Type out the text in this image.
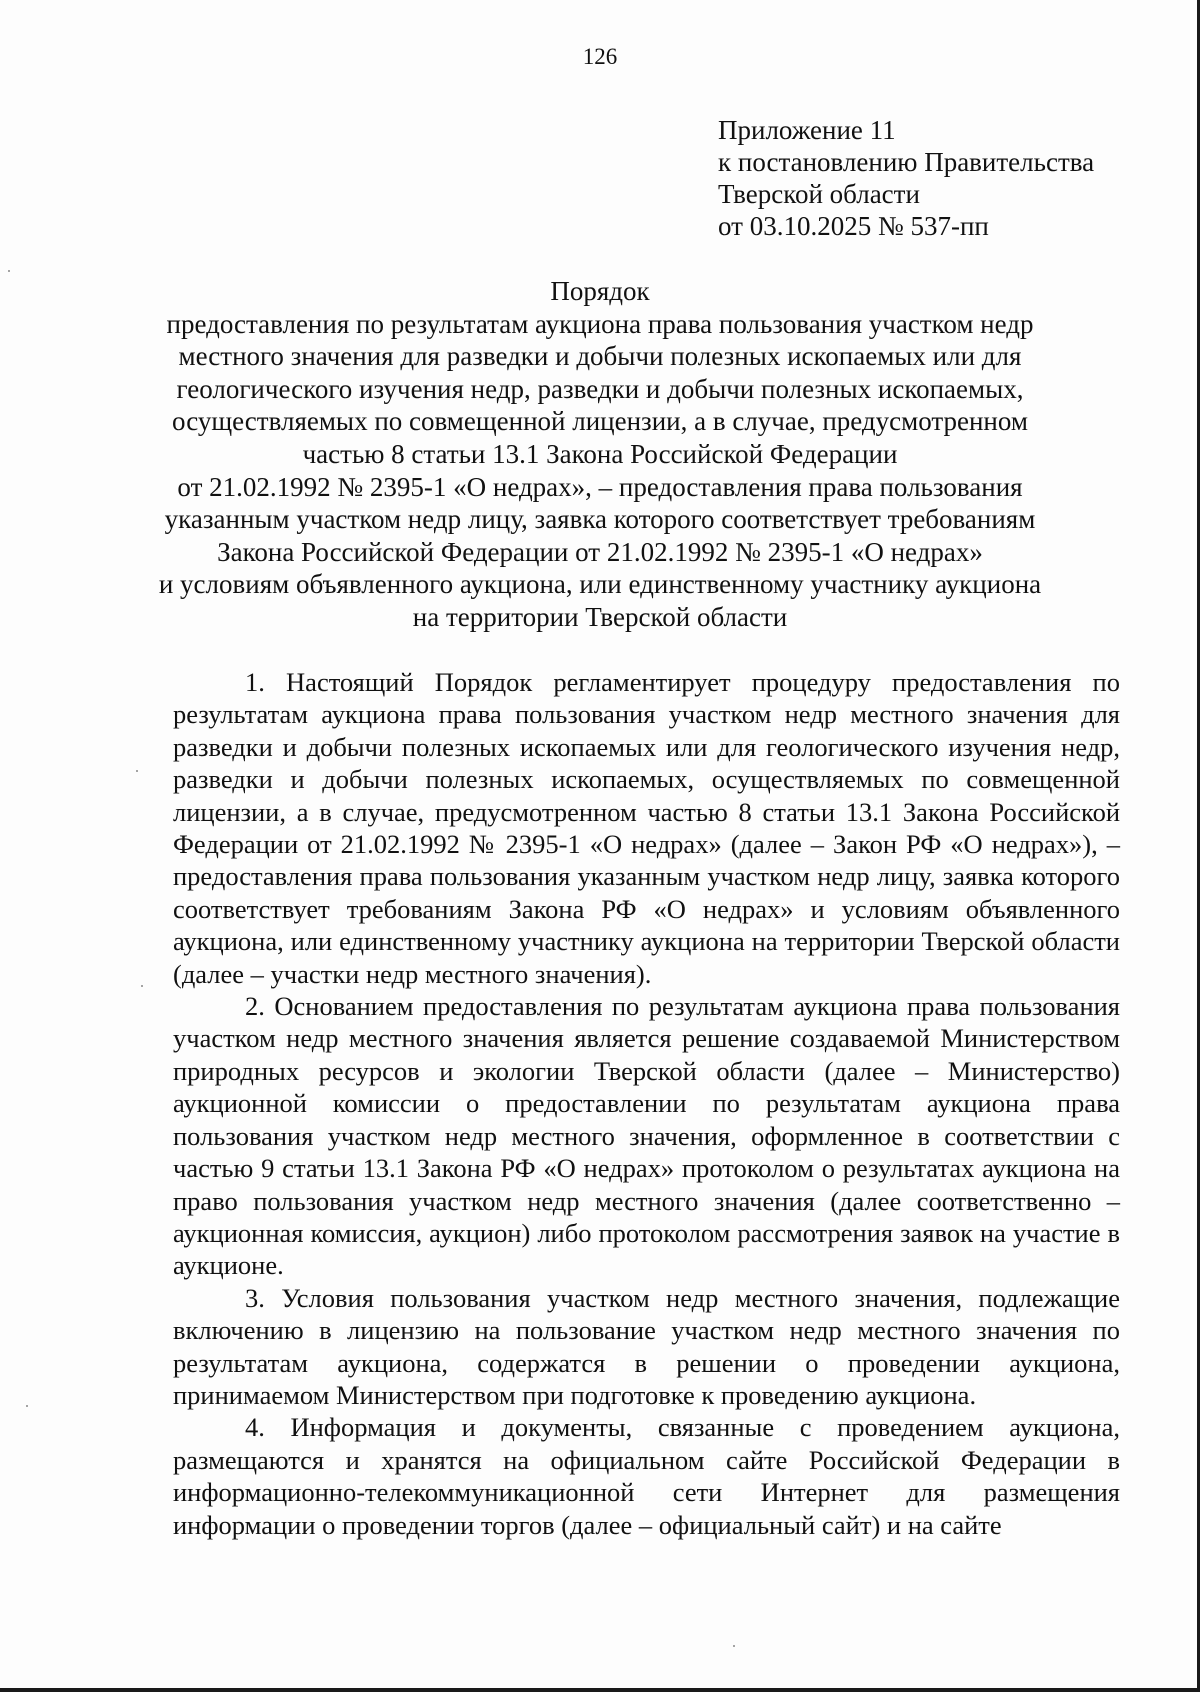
126
Приложение 11
к постановлению Правительства
Тверской области
от 03.10.2025 № 537-пп
Порядок
предоставления по результатам аукциона права пользования участком недр
местного значения для разведки и добычи полезных ископаемых или для
геологического изучения недр, разведки и добычи полезных ископаемых,
осуществляемых по совмещенной лицензии, а в случае, предусмотренном
частью 8 статьи 13.1 Закона Российской Федерации
от 21.02.1992 № 2395-1 «О недрах», – предоставления права пользования
указанным участком недр лицу, заявка которого соответствует требованиям
Закона Российской Федерации от 21.02.1992 № 2395-1 «О недрах»
и условиям объявленного аукциона, или единственному участнику аукциона
на территории Тверской области

1. Настоящий Порядок регламентирует процедуру предоставления по результатам аукциона права пользования участком недр местного значения для разведки и добычи полезных ископаемых или для геологического изучения недр, разведки и добычи полезных ископаемых, осуществляемых по совмещенной лицензии, а в случае, предусмотренном частью 8 статьи 13.1 Закона Российской Федерации от 21.02.1992 № 2395-1 «О недрах» (далее – Закон РФ «О недрах»), – предоставления права пользования указанным участком недр лицу, заявка которого соответствует требованиям Закона РФ «О недрах» и условиям объявленного аукциона, или единственному участнику аукциона на территории Тверской области (далее – участки недр местного значения).

2. Основанием предоставления по результатам аукциона права пользования участком недр местного значения является решение создаваемой Министерством природных ресурсов и экологии Тверской области (далее – Министерство) аукционной комиссии о предоставлении по результатам аукциона права пользования участком недр местного значения, оформленное в соответствии с частью 9 статьи 13.1 Закона РФ «О недрах» протоколом о результатах аукциона на право пользования участком недр местного значения (далее соответственно – аукционная комиссия, аукцион) либо протоколом рассмотрения заявок на участие в аукционе.

3. Условия пользования участком недр местного значения, подлежащие включению в лицензию на пользование участком недр местного значения по результатам аукциона, содержатся в решении о проведении аукциона, принимаемом Министерством при подготовке к проведению аукциона.

4. Информация и документы, связанные с проведением аукциона, размещаются и хранятся на официальном сайте Российской Федерации в информационно-телекоммуникационной сети Интернет для размещения информации о проведении торгов (далее – официальный сайт) и на сайте
